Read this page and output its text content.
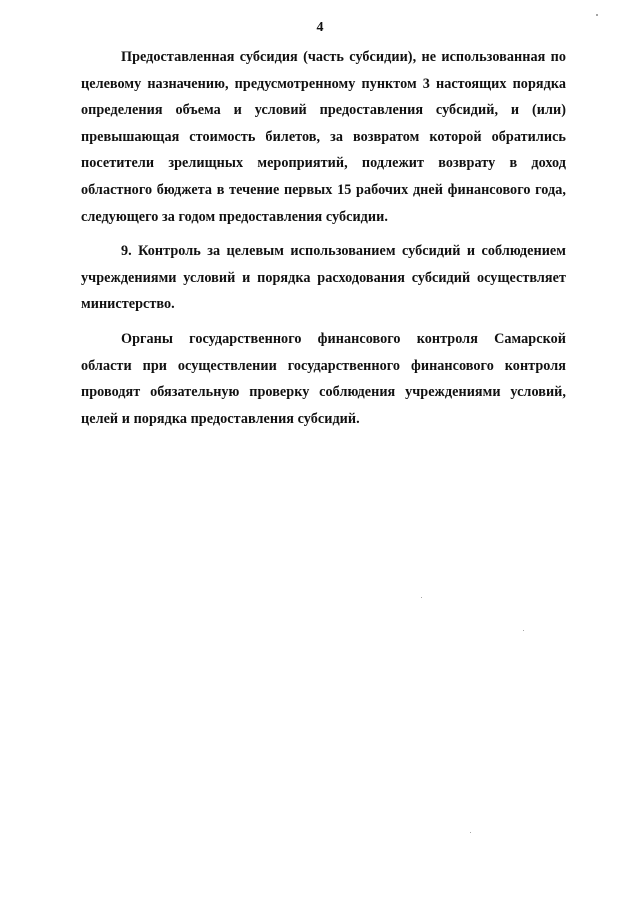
4

Предоставленная субсидия (часть субсидии), не использованная по целевому назначению, предусмотренному пунктом 3 настоящих порядка определения объема и условий предоставления субсидий, и (или) превышающая стоимость билетов, за возвратом которой обратились посетители зрелищных мероприятий, подлежит возврату в доход областного бюджета в течение первых 15 рабочих дней финансового года, следующего за годом предоставления субсидии.

9. Контроль за целевым использованием субсидий и соблюдением учреждениями условий и порядка расходования субсидий осуществляет министерство.

Органы государственного финансового контроля Самарской области при осуществлении государственного финансового контроля проводят обязательную проверку соблюдения учреждениями условий, целей и порядка предоставления субсидий.
